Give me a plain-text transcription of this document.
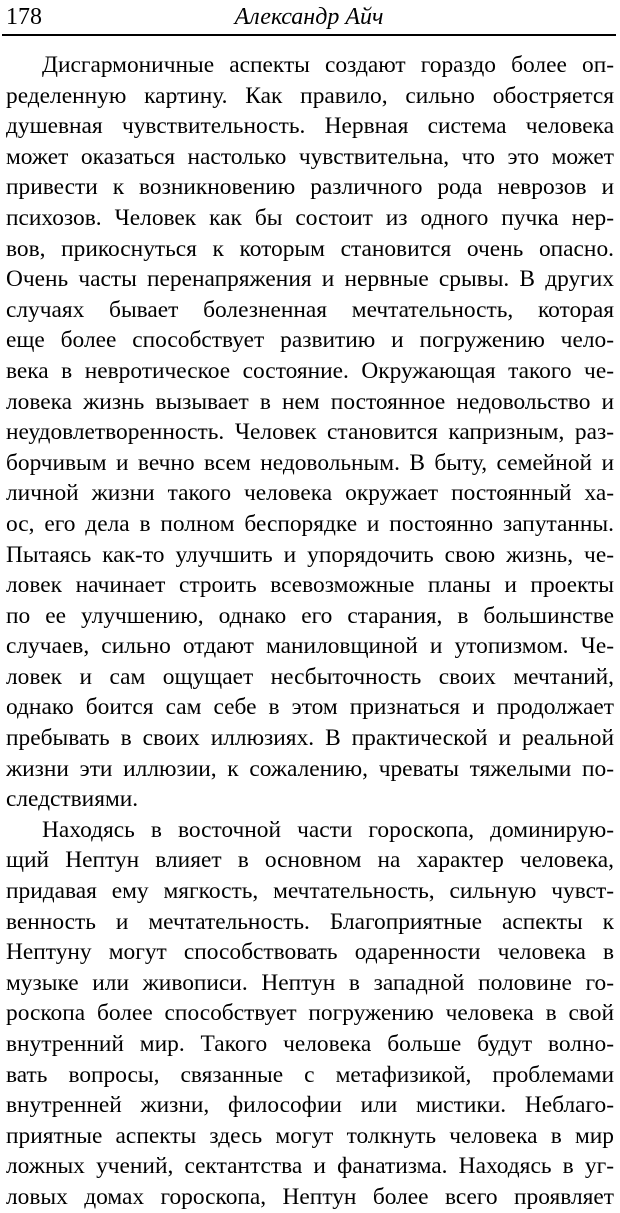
178	Александр Айч
Дисгармоничные аспекты создают гораздо более оп-
ределенную картину. Как правило, сильно обостряется
душевная чувствительность. Нервная система человека
может оказаться настолько чувствительна, что это может
привести к возникновению различного рода неврозов и
психозов. Человек как бы состоит из одного пучка нер-
вов, прикоснуться к которым становится очень опасно.
Очень часты перенапряжения и нервные срывы. В других
случаях бывает болезненная мечтательность, которая
еще более способствует развитию и погружению чело-
века в невротическое состояние. Окружающая такого че-
ловека жизнь вызывает в нем постоянное недовольство и
неудовлетворенность. Человек становится капризным, раз-
борчивым и вечно всем недовольным. В быту, семейной и
личной жизни такого человека окружает постоянный ха-
ос, его дела в полном беспорядке и постоянно запутанны.
Пытаясь как-то улучшить и упорядочить свою жизнь, че-
ловек начинает строить всевозможные планы и проекты
по ее улучшению, однако его старания, в большинстве
случаев, сильно отдают маниловщиной и утопизмом. Че-
ловек и сам ощущает несбыточность своих мечтаний,
однако боится сам себе в этом признаться и продолжает
пребывать в своих иллюзиях. В практической и реальной
жизни эти иллюзии, к сожалению, чреваты тяжелыми по-
следствиями.
Находясь в восточной части гороскопа, доминирую-
щий Нептун влияет в основном на характер человека,
придавая ему мягкость, мечтательность, сильную чувст-
венность и мечтательность. Благоприятные аспекты к
Нептуну могут способствовать одаренности человека в
музыке или живописи. Нептун в западной половине го-
роскопа более способствует погружению человека в свой
внутренний мир. Такого человека больше будут волно-
вать вопросы, связанные с метафизикой, проблемами
внутренней жизни, философии или мистики. Неблаго-
приятные аспекты здесь могут толкнуть человека в мир
ложных учений, сектантства и фанатизма. Находясь в уг-
ловых домах гороскопа, Нептун более всего проявляет
